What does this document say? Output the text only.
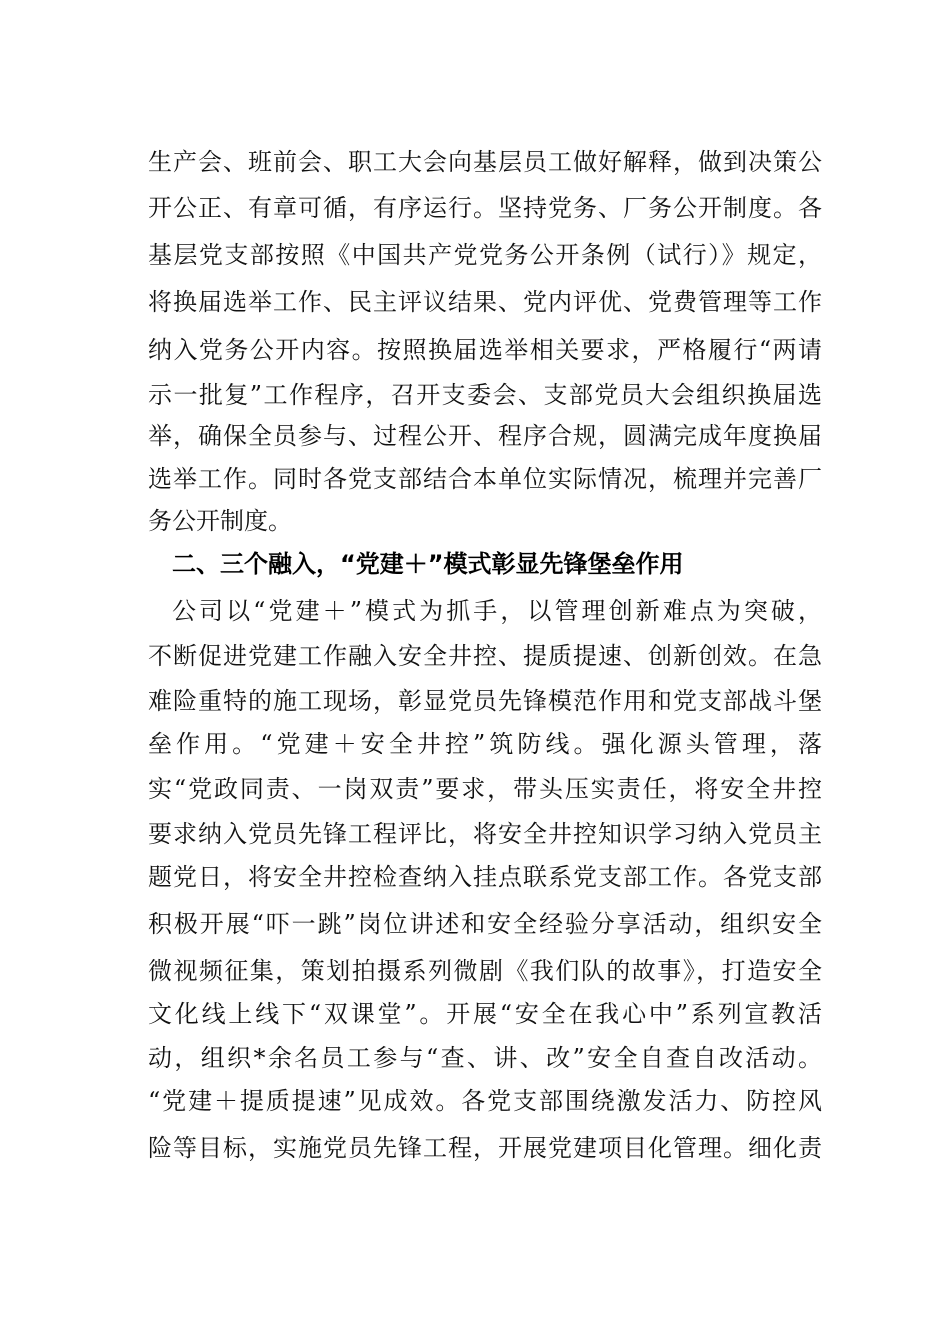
生产会、班前会、职工大会向基层员工做好解释，做到决策公
开公正、有章可循，有序运行。坚持党务、厂务公开制度。各
基层党支部按照《中国共产党党务公开条例（试行）》规定，
将换届选举工作、民主评议结果、党内评优、党费管理等工作
纳入党务公开内容。按照换届选举相关要求，严格履行“两请
示一批复”工作程序，召开支委会、支部党员大会组织换届选
举，确保全员参与、过程公开、程序合规，圆满完成年度换届
选举工作。同时各党支部结合本单位实际情况，梳理并完善厂
务公开制度。
二、三个融入，“党建＋”模式彰显先锋堡垒作用
公司以“党建＋”模式为抓手，以管理创新难点为突破，
不断促进党建工作融入安全井控、提质提速、创新创效。在急
难险重特的施工现场，彰显党员先锋模范作用和党支部战斗堡
垒作用。“党建＋安全井控”筑防线。强化源头管理，落
实“党政同责、一岗双责”要求，带头压实责任，将安全井控
要求纳入党员先锋工程评比，将安全井控知识学习纳入党员主
题党日，将安全井控检查纳入挂点联系党支部工作。各党支部
积极开展“吓一跳”岗位讲述和安全经验分享活动，组织安全
微视频征集，策划拍摄系列微剧《我们队的故事》，打造安全
文化线上线下“双课堂”。开展“安全在我心中”系列宣教活
动，组织*余名员工参与“查、讲、改”安全自查自改活动。
“党建＋提质提速”见成效。各党支部围绕激发活力、防控风
险等目标，实施党员先锋工程，开展党建项目化管理。细化责
